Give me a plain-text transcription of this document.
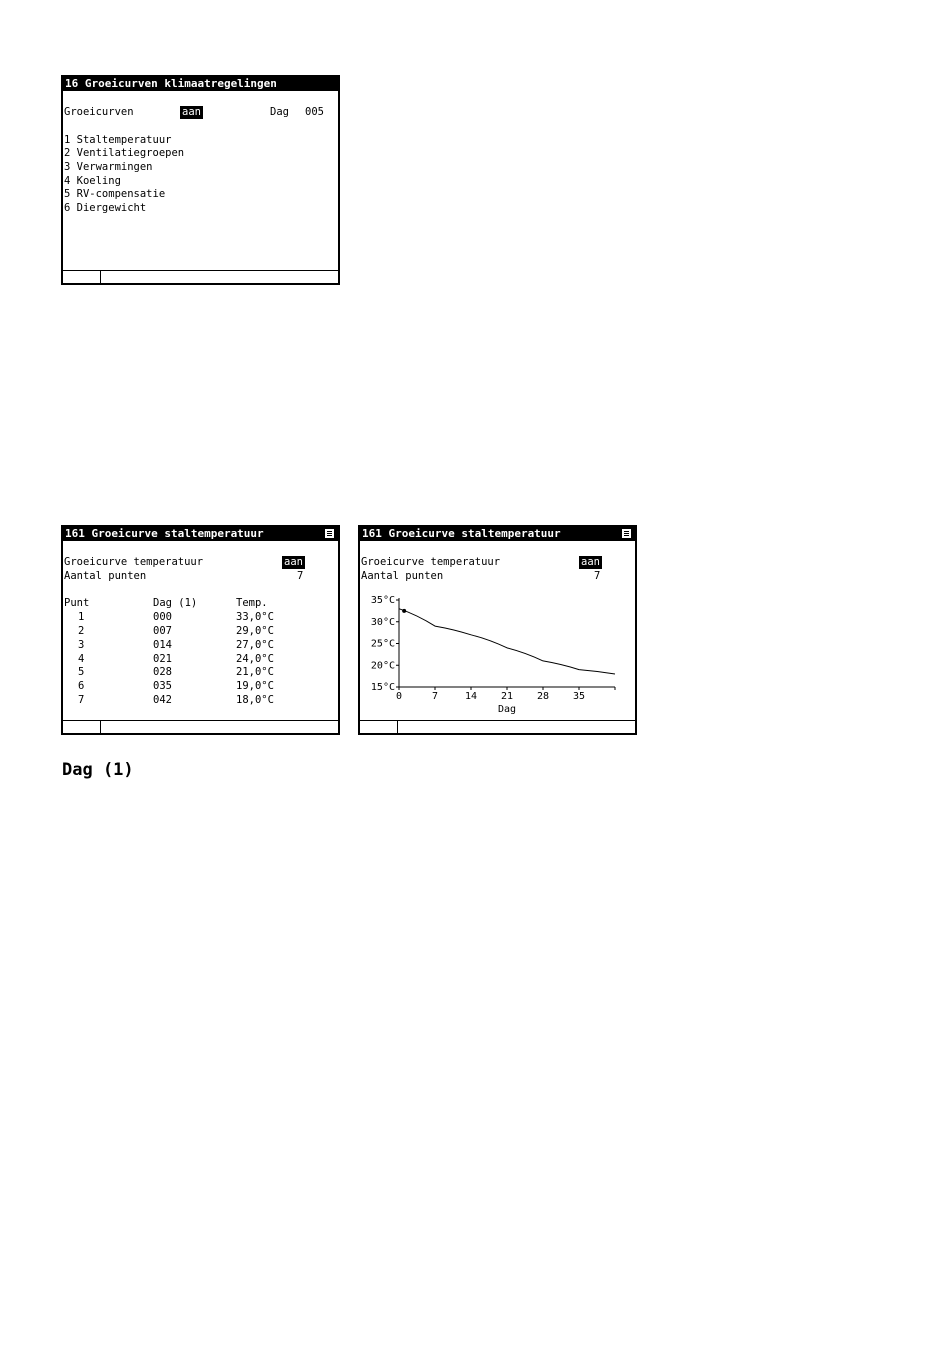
16 Groeicurven klimaatregelingen
Groeicurven	aan	Dag 005
1 Staltemperatuur
2 Ventilatiegroepen
3 Verwarmingen
4 Koeling
5 RV-compensatie
6 Diergewicht
161 Groeicurve staltemperatuur
Groeicurve temperatuur	aan
Aantal punten	7
Punt	Dag (1)	Temp.
1	000	33,0°C
2	007	29,0°C
3	014	27,0°C
4	021	24,0°C
5	028	21,0°C
6	035	19,0°C
7	042	18,0°C
161 Groeicurve staltemperatuur
Groeicurve temperatuur	aan
Aantal punten	7
35°C
30°C
25°C
20°C
15°C
0	7	14 21 28 35
Dag
Dag (1)
